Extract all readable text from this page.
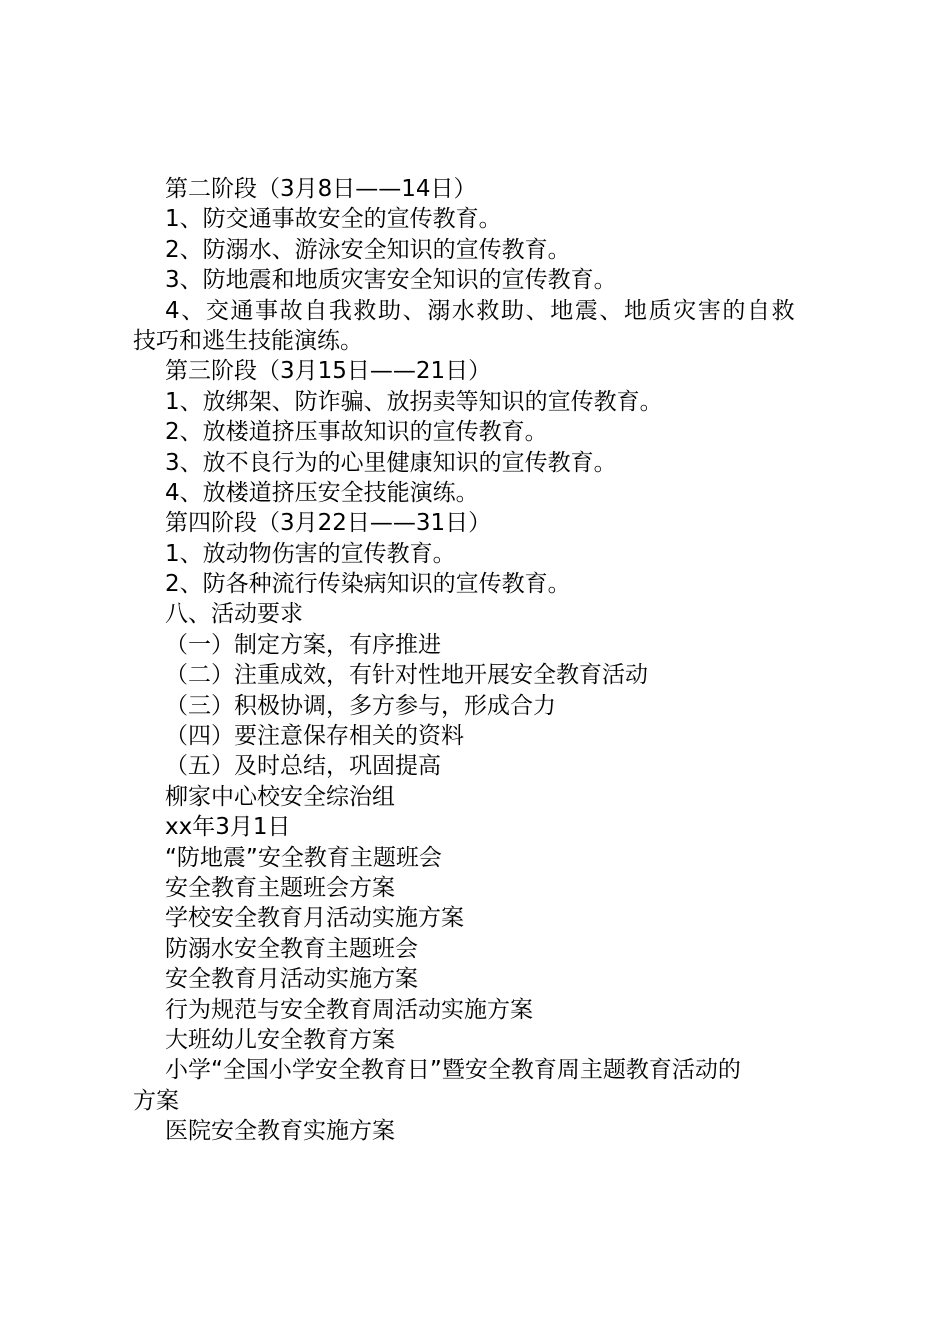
第二阶段（3月8日——14日）
1、防交通事故安全的宣传教育。
2、防溺水、游泳安全知识的宣传教育。
3、防地震和地质灾害安全知识的宣传教育。
4、交通事故自我救助、溺水救助、地震、地质灾害的自救
技巧和逃生技能演练。
第三阶段（3月15日——21日）
1、放绑架、防诈骗、放拐卖等知识的宣传教育。
2、放楼道挤压事故知识的宣传教育。
3、放不良行为的心里健康知识的宣传教育。
4、放楼道挤压安全技能演练。
第四阶段（3月22日——31日）
1、放动物伤害的宣传教育。
2、防各种流行传染病知识的宣传教育。
八、活动要求
（一）制定方案，有序推进
（二）注重成效，有针对性地开展安全教育活动
（三）积极协调，多方参与，形成合力
（四）要注意保存相关的资料
（五）及时总结，巩固提高
柳家中心校安全综治组
xx年3月1日
“防地震”安全教育主题班会
安全教育主题班会方案
学校安全教育月活动实施方案
防溺水安全教育主题班会
安全教育月活动实施方案
行为规范与安全教育周活动实施方案
大班幼儿安全教育方案
小学“全国小学安全教育日”暨安全教育周主题教育活动的
方案
医院安全教育实施方案
